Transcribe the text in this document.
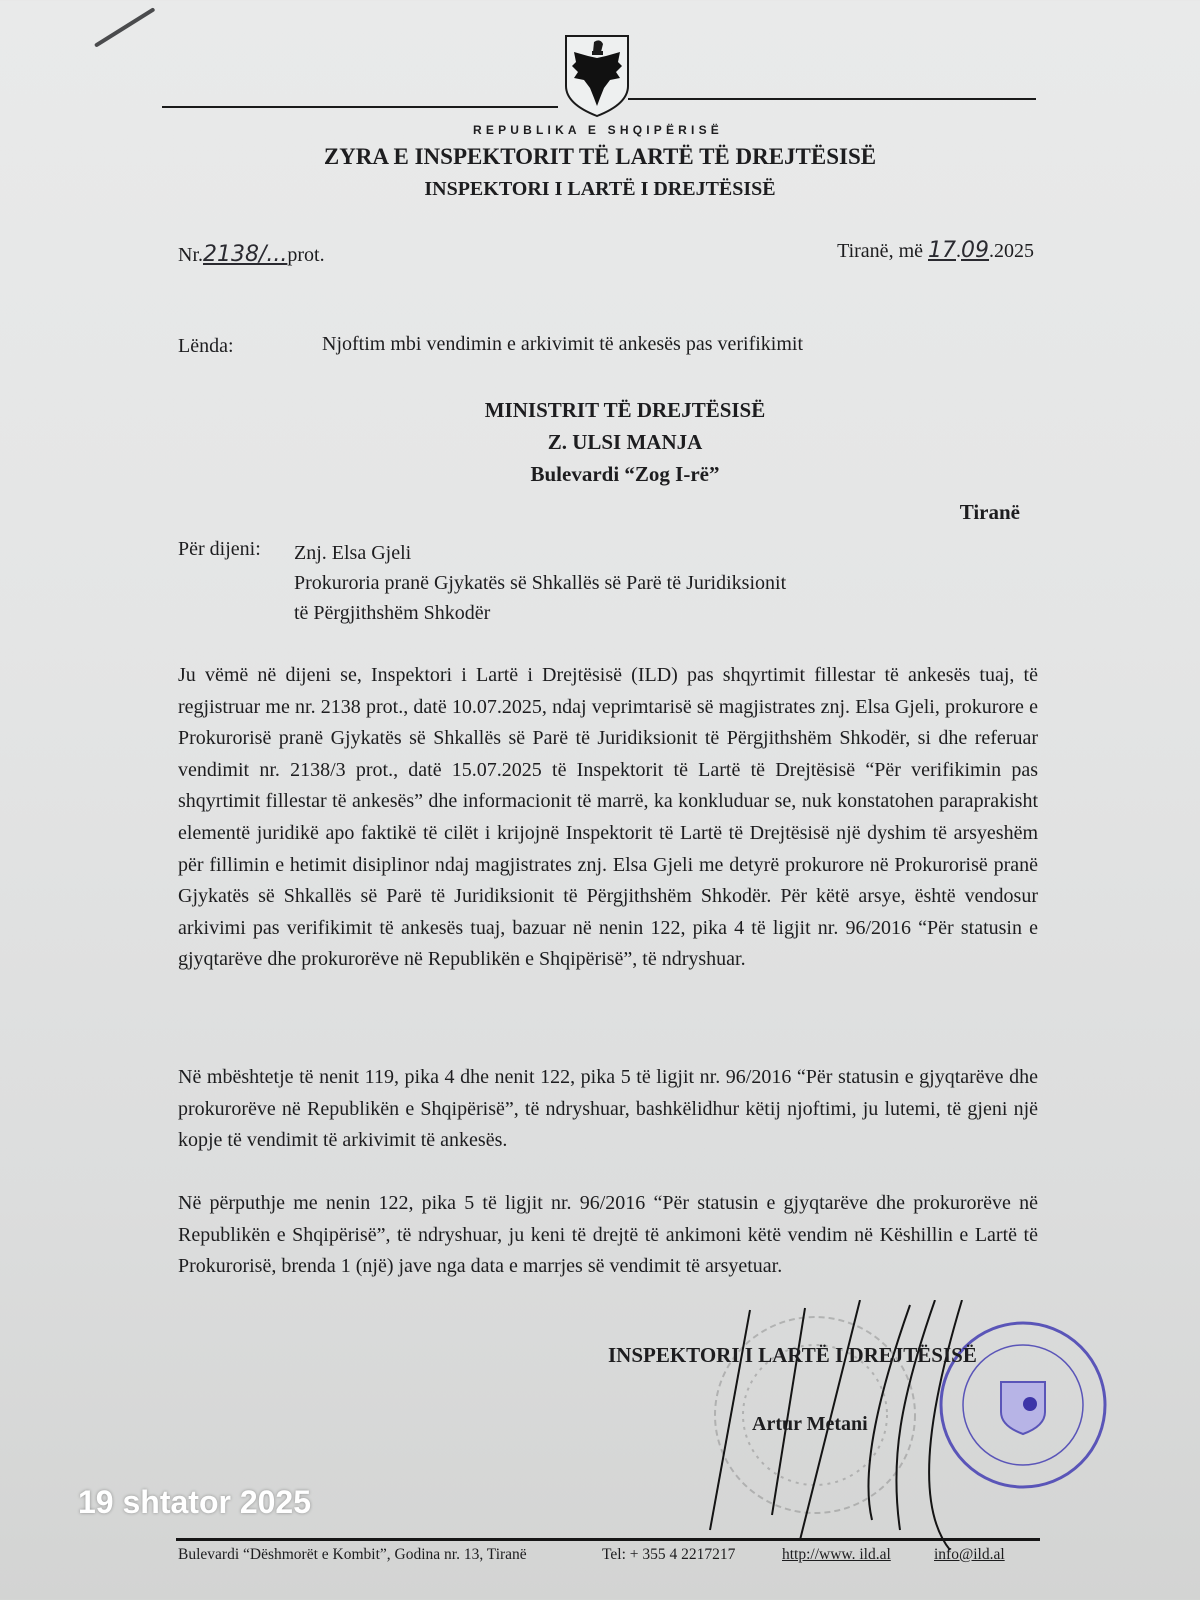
REPUBLIKA E SHQIPËRISË
ZYRA E INSPEKTORIT TË LARTË TË DREJTËSISË
INSPEKTORI I LARTË I DREJTËSISË
Nr.2138/...prot.	Tiranë, më 17.09.2025
Lënda:	Njoftim mbi vendimin e arkivimit të ankesës pas verifikimit
MINISTRIT TË DREJTËSISË
Z. ULSI MANJA
Bulevardi “Zog I-rë”
Tiranë
Për dijeni: Znj. Elsa Gjeli
Prokuroria pranë Gjykatës së Shkallës së Parë të Juridiksionit
të Përgjithshëm Shkodër
Ju vëmë në dijeni se, Inspektori i Lartë i Drejtësisë (ILD) pas shqyrtimit fillestar të ankesës tuaj, të regjistruar me nr. 2138 prot., datë 10.07.2025, ndaj veprimtarisë së magjistrates znj. Elsa Gjeli, prokurore e Prokurorisë pranë Gjykatës së Shkallës së Parë të Juridiksionit të Përgjithshëm Shkodër, si dhe referuar vendimit nr. 2138/3 prot., datë 15.07.2025 të Inspektorit të Lartë të Drejtësisë “Për verifikimin pas shqyrtimit fillestar të ankesës” dhe informacionit të marrë, ka konkluduar se, nuk konstatohen paraprakisht elementë juridikë apo faktikë të cilët i krijojnë Inspektorit të Lartë të Drejtësisë një dyshim të arsyeshëm për fillimin e hetimit disiplinor ndaj magjistrates znj. Elsa Gjeli me detyrë prokurore në Prokurorisë pranë Gjykatës së Shkallës së Parë të Juridiksionit të Përgjithshëm Shkodër. Për këtë arsye, është vendosur arkivimi pas verifikimit të ankesës tuaj, bazuar në nenin 122, pika 4 të ligjit nr. 96/2016 “Për statusin e gjyqtarëve dhe prokurorëve në Republikën e Shqipërisë”, të ndryshuar.
Në mbështetje të nenit 119, pika 4 dhe nenit 122, pika 5 të ligjit nr. 96/2016 “Për statusin e gjyqtarëve dhe prokurorëve në Republikën e Shqipërisë”, të ndryshuar, bashkëlidhur këtij njoftimi, ju lutemi, të gjeni një kopje të vendimit të arkivimit të ankesës.
Në përputhje me nenin 122, pika 5 të ligjit nr. 96/2016 “Për statusin e gjyqtarëve dhe prokurorëve në Republikën e Shqipërisë”, të ndryshuar, ju keni të drejtë të ankimoni këtë vendim në Këshillin e Lartë të Prokurorisë, brenda 1 (një) jave nga data e marrjes së vendimit të arsyetuar.
INSPEKTORI I LARTË I DREJTËSISË
Artur Metani
19 shtator 2025
Bulevardi “Dëshmorët e Kombit”, Godina nr. 13, Tiranë	Tel: + 355 4 2217217	http://www. ild.al	info@ild.al
